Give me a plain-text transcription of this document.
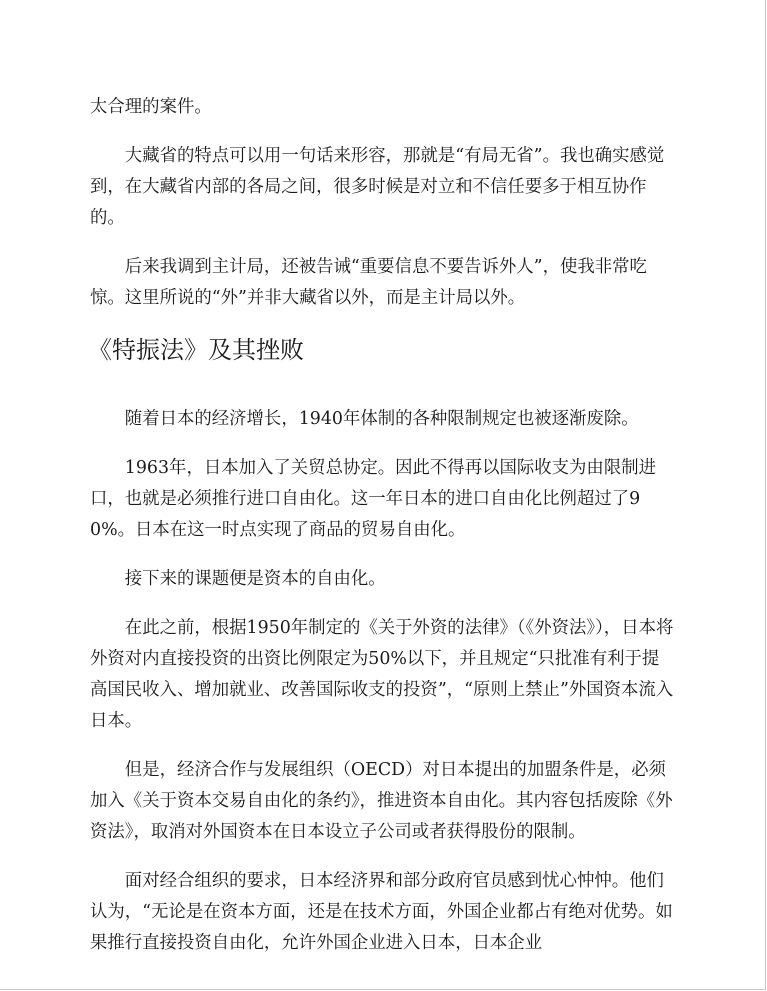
太合理的案件。

大藏省的特点可以用一句话来形容，那就是“有局无省”。我也确实感觉到，在大藏省内部的各局之间，很多时候是对立和不信任要多于相互协作的。

后来我调到主计局，还被告诫“重要信息不要告诉外人”，使我非常吃惊。这里所说的“外”并非大藏省以外，而是主计局以外。

《特振法》及其挫败

随着日本的经济增长，1940年体制的各种限制规定也被逐渐废除。

1963年，日本加入了关贸总协定。因此不得再以国际收支为由限制进口，也就是必须推行进口自由化。这一年日本的进口自由化比例超过了90%。日本在这一时点实现了商品的贸易自由化。

接下来的课题便是资本的自由化。

在此之前，根据1950年制定的《关于外资的法律》（《外资法》），日本将外资对内直接投资的出资比例限定为50%以下，并且规定“只批准有利于提高国民收入、增加就业、改善国际收支的投资”，“原则上禁止”外国资本流入日本。

但是，经济合作与发展组织（OECD）对日本提出的加盟条件是，必须加入《关于资本交易自由化的条约》，推进资本自由化。其内容包括废除《外资法》，取消对外国资本在日本设立子公司或者获得股份的限制。

面对经合组织的要求，日本经济界和部分政府官员感到忧心忡忡。他们认为，“无论是在资本方面，还是在技术方面，外国企业都占有绝对优势。如果推行直接投资自由化，允许外国企业进入日本，日本企业
